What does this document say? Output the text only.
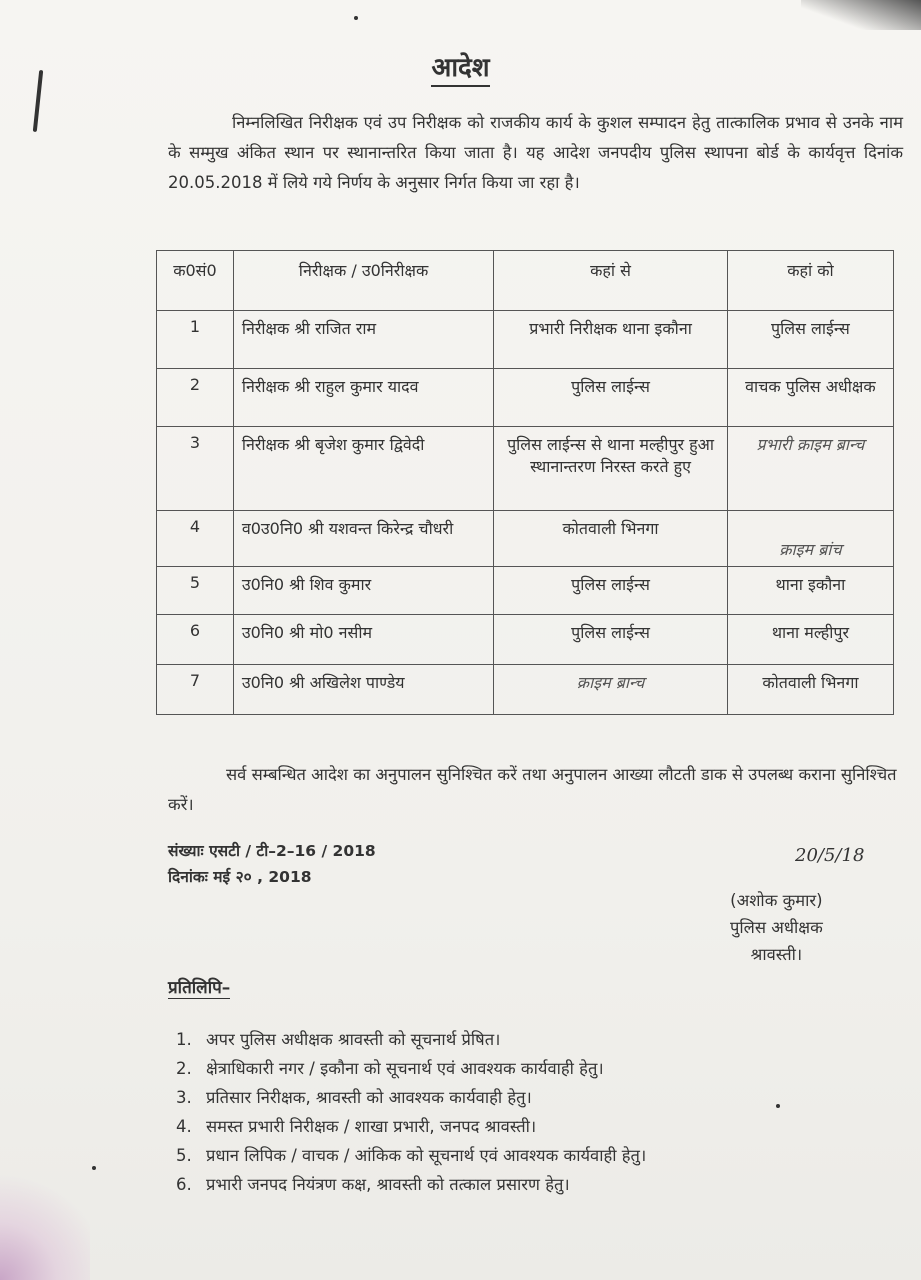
आदेश
निम्नलिखित निरीक्षक एवं उप निरीक्षक को राजकीय कार्य के कुशल सम्पादन हेतु तात्कालिक प्रभाव से उनके नाम के सम्मुख अंकित स्थान पर स्थानान्तरित किया जाता है। यह आदेश जनपदीय पुलिस स्थापना बोर्ड के कार्यवृत्त दिनांक 20.05.2018 में लिये गये निर्णय के अनुसार निर्गत किया जा रहा है।
क0सं0	निरीक्षक / उ0निरीक्षक	कहां से	कहां को
1	निरीक्षक श्री राजित राम	प्रभारी निरीक्षक थाना इकौना	पुलिस लाईन्स
2	निरीक्षक श्री राहुल कुमार यादव	पुलिस लाईन्स	वाचक पुलिस अधीक्षक
3	निरीक्षक श्री बृजेश कुमार द्विवेदी	पुलिस लाईन्स से थाना मल्हीपुर हुआ स्थानान्तरण निरस्त करते हुए	प्रभारी क्राइम ब्रान्च
4	व0उ0नि0 श्री यशवन्त किरेन्द्र चौधरी	कोतवाली भिनगा	क्राइम ब्रांच
5	उ0नि0 श्री शिव कुमार	पुलिस लाईन्स	थाना इकौना
6	उ0नि0 श्री मो0 नसीम	पुलिस लाईन्स	थाना मल्हीपुर
7	उ0नि0 श्री अखिलेश पाण्डेय	क्राइम ब्रान्च	कोतवाली भिनगा
सर्व सम्बन्धित आदेश का अनुपालन सुनिश्चित करें तथा अनुपालन आख्या लौटती डाक से उपलब्ध कराना सुनिश्चित करें।
संख्याः एसटी / टी–2–16 / 2018
दिनांकः मई २० , 2018
20/5/18
(अशोक कुमार)
पुलिस अधीक्षक
श्रावस्ती।
प्रतिलिपि–
1. अपर पुलिस अधीक्षक श्रावस्ती को सूचनार्थ प्रेषित।
2. क्षेत्राधिकारी नगर / इकौना को सूचनार्थ एवं आवश्यक कार्यवाही हेतु।
3. प्रतिसार निरीक्षक, श्रावस्ती को आवश्यक कार्यवाही हेतु।
4. समस्त प्रभारी निरीक्षक / शाखा प्रभारी, जनपद श्रावस्ती।
5. प्रधान लिपिक / वाचक / आंकिक को सूचनार्थ एवं आवश्यक कार्यवाही हेतु।
6. प्रभारी जनपद नियंत्रण कक्ष, श्रावस्ती को तत्काल प्रसारण हेतु।
